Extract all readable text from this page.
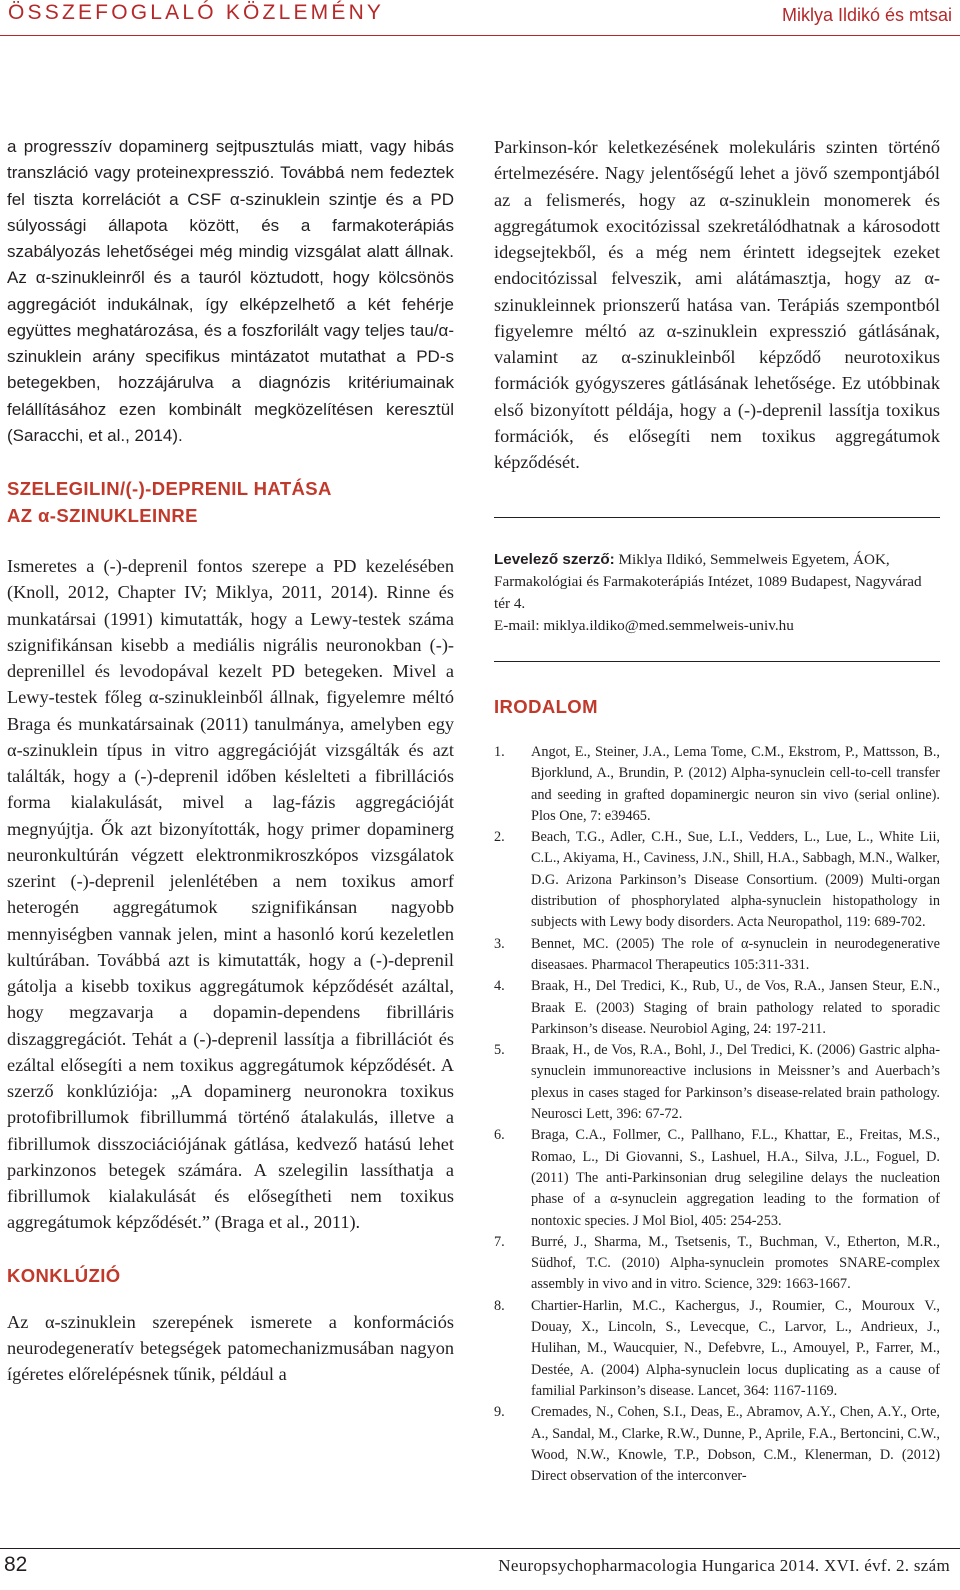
ÖSSZEFOGLALÓ KÖZLEMÉNY	Miklya Ildikó és mtsai

a progresszív dopaminerg sejtpusztulás miatt, vagy hibás transzláció vagy proteinexpresszió. Továbbá nem fedeztek fel tiszta korrelációt a CSF α-szinuklein szintje és a PD súlyossági állapota között, és a farmakoterápiás szabályozás lehetőségei még mindig vizsgálat alatt állnak. Az α-szinukleinről és a tauról köztudott, hogy kölcsönös aggregációt indukálnak, így elképzelhető a két fehérje együttes meghatározása, és a foszforilált vagy teljes tau/α-szinuklein arány specifikus mintázatot mutathat a PD-s betegekben, hozzájárulva a diagnózis kritériumainak felállításához ezen kombinált megközelítésen keresztül (Saracchi, et al., 2014).

SZELEGILIN/(-)-DEPRENIL HATÁSA

AZ α-SZINUKLEINRE

Ismeretes a (-)-deprenil fontos szerepe a PD kezelésében (Knoll, 2012, Chapter IV; Miklya, 2011, 2014). Rinne és munkatársai (1991) kimutatták, hogy a Lewy-testek száma szignifikánsan kisebb a mediális nigrális neuronokban (-)-deprenillel és levodopával kezelt PD betegeken. Mivel a Lewy-testek főleg α-szinukleinből állnak, figyelemre méltó Braga és munkatársainak (2011) tanulmánya, amelyben egy α-szinuklein típus in vitro aggregációját vizsgálták és azt találták, hogy a (-)-deprenil időben késlelteti a fibrillációs forma kialakulását, mivel a lag-fázis aggregációját megnyújtja. Ők azt bizonyították, hogy primer dopaminerg neuronkultúrán végzett elektronmikroszkópos vizsgálatok szerint (-)-deprenil jelenlétében a nem toxikus amorf heterogén aggregátumok szignifikánsan nagyobb mennyiségben vannak jelen, mint a hasonló korú kezeletlen kultúrában. Továbbá azt is kimutatták, hogy a (-)-deprenil gátolja a kisebb toxikus aggregátumok képződését azáltal, hogy megzavarja a dopamin-dependens fibrilláris diszaggregációt. Tehát a (-)-deprenil lassítja a fibrillációt és ezáltal elősegíti a nem toxikus aggregátumok képződését. A szerző konklúziója: „A dopaminerg neuronokra toxikus protofibrillumok fibrillummá történő átalakulás, illetve a fibrillumok disszociációjának gátlása, kedvező hatású lehet parkinzonos betegek számára. A szelegilin lassíthatja a fibrillumok kialakulását és elősegítheti nem toxikus aggregátumok képződését.” (Braga et al., 2011).

KONKLÚZIÓ

Az α-szinuklein szerepének ismerete a konformációs neurodegeneratív betegségek patomechanizmusában nagyon ígéretes előrelépésnek tűnik, például a

Parkinson-kór keletkezésének molekuláris szinten történő értelmezésére. Nagy jelentőségű lehet a jövő szempontjából az a felismerés, hogy az α-szinuklein monomerek és aggregátumok exocitózissal szekretálódhatnak a károsodott idegsejtekből, és a még nem érintett idegsejtek ezeket endocitózissal felveszik, ami alátámasztja, hogy az α-szinukleinnek prionszerű hatása van. Terápiás szempontból figyelemre méltó az α-szinuklein expresszió gátlásának, valamint az α-szinukleinből képződő neurotoxikus formációk gyógyszeres gátlásának lehetősége. Ez utóbbinak első bizonyított példája, hogy a (-)-deprenil lassítja toxikus formációk, és elősegíti nem toxikus aggregátumok képződését.

Levelező szerző: Miklya Ildikó, Semmelweis Egyetem, ÁOK, Farmakológiai és Farmakoterápiás Intézet, 1089 Budapest, Nagyvárad tér 4.

E-mail: miklya.ildiko@med.semmelweis-univ.hu

IRODALOM

1. Angot, E., Steiner, J.A., Lema Tome, C.M., Ekstrom, P., Mattsson, B., Bjorklund, A., Brundin, P. (2012) Alpha-synuclein cell-to-cell transfer and seeding in grafted dopaminergic neuron sin vivo (serial online). Plos One, 7: e39465.
2. Beach, T.G., Adler, C.H., Sue, L.I., Vedders, L., Lue, L., White Lii, C.L., Akiyama, H., Caviness, J.N., Shill, H.A., Sabbagh, M.N., Walker, D.G. Arizona Parkinson’s Disease Consortium. (2009) Multi-organ distribution of phosphorylated alpha-synuclein histopathology in subjects with Lewy body disorders. Acta Neuropathol, 119: 689-702.
3. Bennet, MC. (2005) The role of α-synuclein in neurodegenerative diseasaes. Pharmacol Therapeutics 105:311-331.
4. Braak, H., Del Tredici, K., Rub, U., de Vos, R.A., Jansen Steur, E.N., Braak E. (2003) Staging of brain pathology related to sporadic Parkinson’s disease. Neurobiol Aging, 24: 197-211.
5. Braak, H., de Vos, R.A., Bohl, J., Del Tredici, K. (2006) Gastric alpha-synuclein immunoreactive inclusions in Meissner’s and Auerbach’s plexus in cases staged for Parkinson’s disease-related brain pathology. Neurosci Lett, 396: 67-72.
6. Braga, C.A., Follmer, C., Pallhano, F.L., Khattar, E., Freitas, M.S., Romao, L., Di Giovanni, S., Lashuel, H.A., Silva, J.L., Foguel, D. (2011) The anti-Parkinsonian drug selegiline delays the nucleation phase of a α-synuclein aggregation leading to the formation of nontoxic species. J Mol Biol, 405: 254-253.
7. Burré, J., Sharma, M., Tsetsenis, T., Buchman, V., Etherton, M.R., Südhof, T.C. (2010) Alpha-synuclein promotes SNARE-complex assembly in vivo and in vitro. Science, 329: 1663-1667.
8. Chartier-Harlin, M.C., Kachergus, J., Roumier, C., Mouroux V., Douay, X., Lincoln, S., Levecque, C., Larvor, L., Andrieux, J., Hulihan, M., Waucquier, N., Defebvre, L., Amouyel, P., Farrer, M., Destée, A. (2004) Alpha-synuclein locus duplicating as a cause of familial Parkinson’s disease. Lancet, 364: 1167-1169.
9. Cremades, N., Cohen, S.I., Deas, E., Abramov, A.Y., Chen, A.Y., Orte, A., Sandal, M., Clarke, R.W., Dunne, P., Aprile, F.A., Bertoncini, C.W., Wood, N.W., Knowle, T.P., Dobson, C.M., Klenerman, D. (2012) Direct observation of the interconver-
82	Neuropsychopharmacologia Hungarica 2014. XVI. évf. 2. szám
